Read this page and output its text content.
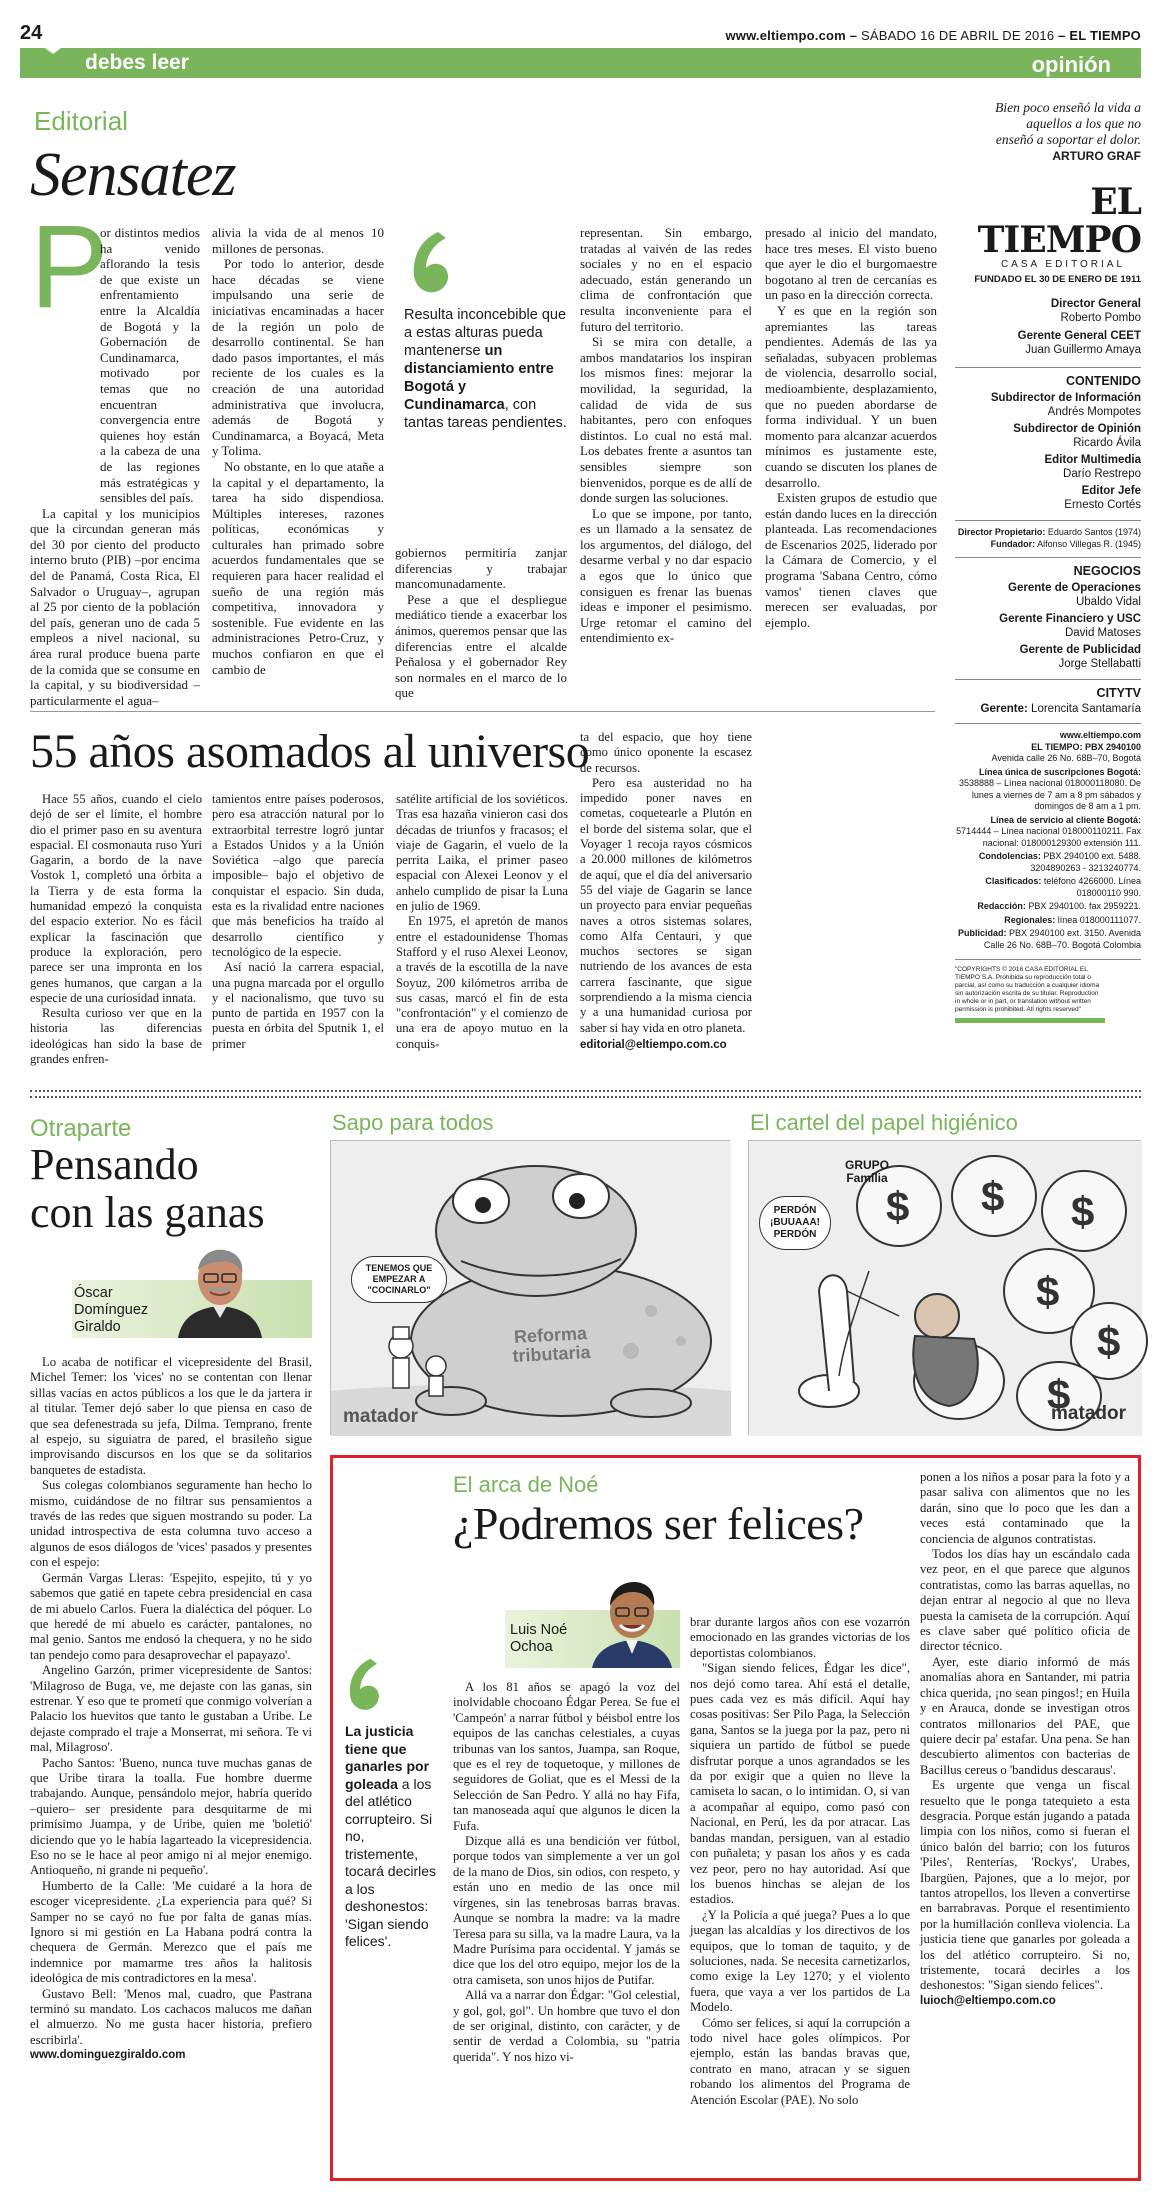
24	www.eltiempo.com – SÁBADO 16 DE ABRIL DE 2016 – EL TIEMPO
debes leer	opinión
Editorial
Sensatez
P

or distintos medios ha venido aflorando la tesis de que existe un enfrentamiento entre la Alcaldía de Bogotá y la Gobernación de Cundinamarca, motivado por temas que no encuentran convergencia entre quienes hoy están a la cabeza de una de las regiones más estratégicas y sensibles del país.

La capital y los municipios que la circundan generan más del 30 por ciento del producto interno bruto (PIB) –por encima del de Panamá, Costa Rica, El Salvador o Uruguay–, agrupan al 25 por ciento de la población del país, generan uno de cada 5 empleos a nivel nacional, su área rural produce buena parte de la comida que se consume en la capital, y su biodiversidad –particularmente el agua–

alivia la vida de al menos 10 millones de personas.

Por todo lo anterior, desde hace décadas se viene impulsando una serie de iniciativas encaminadas a hacer de la región un polo de desarrollo continental. Se han dado pasos importantes, el más reciente de los cuales es la creación de una autoridad administrativa que involucra, además de Bogotá y Cundinamarca, a Boyacá, Meta y Tolima.

No obstante, en lo que atañe a la capital y el departamento, la tarea ha sido dispendiosa. Múltiples intereses, razones políticas, económicas y culturales han primado sobre acuerdos fundamentales que se requieren para hacer realidad el sueño de una región más competitiva, innovadora y sostenible. Fue evidente en las administraciones Petro-Cruz, y muchos confiaron en que el cambio de

Resulta inconcebible que a estas alturas pueda mantenerse un distanciamiento entre Bogotá y Cundinamarca, con tantas tareas pendientes.

gobiernos permitiría zanjar diferencias y trabajar mancomunadamente.

Pese a que el despliegue mediático tiende a exacerbar los ánimos, queremos pensar que las diferencias entre el alcalde Peñalosa y el gobernador Rey son normales en el marco de lo que

representan. Sin embargo, tratadas al vaivén de las redes sociales y no en el espacio adecuado, están generando un clima de confrontación que resulta inconveniente para el futuro del territorio.

Si se mira con detalle, a ambos mandatarios los inspiran los mismos fines: mejorar la movilidad, la seguridad, la calidad de vida de sus habitantes, pero con enfoques distintos. Lo cual no está mal. Los debates frente a asuntos tan sensibles siempre son bienvenidos, porque es de allí de donde surgen las soluciones.

Lo que se impone, por tanto, es un llamado a la sensatez de los argumentos, del diálogo, del desarme verbal y no dar espacio a egos que lo único que consiguen es frenar las buenas ideas e imponer el pesimismo. Urge retomar el camino del entendimiento ex-

presado al inicio del mandato, hace tres meses. El visto bueno que ayer le dio el burgomaestre bogotano al tren de cercanías es un paso en la dirección correcta.

Y es que en la región son apremiantes las tareas pendientes. Además de las ya señaladas, subyacen problemas de violencia, desarrollo social, medioambiente, desplazamiento, que no pueden abordarse de forma individual. Y un buen momento para alcanzar acuerdos mínimos es justamente este, cuando se discuten los planes de desarrollo.

Existen grupos de estudio que están dando luces en la dirección planteada. Las recomendaciones de Escenarios 2025, liderado por la Cámara de Comercio, y el programa 'Sabana Centro, cómo vamos' tienen claves que merecen ser evaluadas, por ejemplo.

Bien poco enseñó la vida a aquellos a los que no enseñó a soportar el dolor.
ARTURO GRAF
EL TIEMPO
CASA EDITORIAL
FUNDADO EL 30 DE ENERO DE 1911
Director General
Roberto Pombo
Gerente General CEET
Juan Guillermo Amaya
CONTENIDO
Subdirector de Información
Andrés Mompotes
Subdirector de Opinión
Ricardo Ávila
Editor Multimedia
Darío Restrepo
Editor Jefe
Ernesto Cortés
Director Propietario: Eduardo Santos (1974)
Fundador: Alfonso Villegas R. (1945)
NEGOCIOS
Gerente de Operaciones
Ubaldo Vidal
Gerente Financiero y USC
David Matoses
Gerente de Publicidad
Jorge Stellabatti
CITYTV
Gerente: Lorencita Santamaría
www.eltiempo.com
EL TIEMPO: PBX 2940100
Avenida calle 26 No. 68B–70, Bogotá
Línea única de suscripciones Bogotá:
3538888 – Línea nacional 018000118080. De lunes a viernes de 7 am a 8 pm sábados y domingos de 8 am a 1 pm.
Línea de servicio al cliente Bogotá:
5714444 – Línea nacional 018000110211. Fax nacional: 018000129300 extensión 111.
Condolencias: PBX 2940100 ext. 5488. 3204890263 - 3213240774.
Clasificados: teléfono 4266000. Línea 018000110 990.
Redacción: PBX 2940100. fax 2959221.
Regionales: línea 018000111077.
Publicidad: PBX 2940100 ext. 3150. Avenida Calle 26 No. 68B–70. Bogotá Colombia
"COPYRIGHTS © 2016 CASA EDITORIAL EL TIEMPO S.A. Prohibida su reproducción total o parcial, así como su traducción a cualquier idioma sin autorización escrita de su titular. Reproduction in whole or in part, or translation without written permission is prohibited. All rights reserved"
55 años asomados al universo

Hace 55 años, cuando el cielo dejó de ser el límite, el hombre dio el primer paso en su aventura espacial. El cosmonauta ruso Yuri Gagarin, a bordo de la nave Vostok 1, completó una órbita a la Tierra y de esta forma la humanidad empezó la conquista del espacio exterior. No es fácil explicar la fascinación que produce la exploración, pero parece ser una impronta en los genes humanos, que cargan a la especie de una curiosidad innata.

Resulta curioso ver que en la historia las diferencias ideológicas han sido la base de grandes enfren-

tamientos entre países poderosos, pero esa atracción natural por lo extraorbital terrestre logró juntar a Estados Unidos y a la Unión Soviética –algo que parecía imposible– bajo el objetivo de conquistar el espacio. Sin duda, esta es la rivalidad entre naciones que más beneficios ha traído al desarrollo científico y tecnológico de la especie.

Así nació la carrera espacial, una pugna marcada por el orgullo y el nacionalismo, que tuvo su punto de partida en 1957 con la puesta en órbita del Sputnik 1, el primer

satélite artificial de los soviéticos. Tras esa hazaña vinieron casi dos décadas de triunfos y fracasos; el viaje de Gagarin, el vuelo de la perrita Laika, el primer paseo espacial con Alexei Leonov y el anhelo cumplido de pisar la Luna en julio de 1969.

En 1975, el apretón de manos entre el estadounidense Thomas Stafford y el ruso Alexei Leonov, a través de la escotilla de la nave Soyuz, 200 kilómetros arriba de sus casas, marcó el fin de esta "confrontación" y el comienzo de una era de apoyo mutuo en la conquis-

ta del espacio, que hoy tiene como único oponente la escasez de recursos.

Pero esa austeridad no ha impedido poner naves en cometas, coquetearle a Plutón en el borde del sistema solar, que el Voyager 1 recoja rayos cósmicos a 20.000 millones de kilómetros de aquí, que el día del aniversario 55 del viaje de Gagarin se lance un proyecto para enviar pequeñas naves a otros sistemas solares, como Alfa Centauri, y que muchos sectores se sigan nutriendo de los avances de esta carrera fascinante, que sigue sorprendiendo a la misma ciencia y a una humanidad curiosa por saber si hay vida en otro planeta.

editorial@eltiempo.com.co

Otraparte
Pensando
con las ganas
Óscar
Domínguez
Giraldo

Lo acaba de notificar el vicepresidente del Brasil, Michel Temer: los 'vices' no se contentan con llenar sillas vacías en actos públicos a los que le da jartera ir al titular. Temer dejó saber lo que piensa en caso de que sea defenestrada su jefa, Dilma. Temprano, frente al espejo, su siguiatra de pared, el brasileño sigue improvisando discursos en los que se da solitarios banquetes de estadista.

Sus colegas colombianos seguramente han hecho lo mismo, cuidándose de no filtrar sus pensamientos a través de las redes que siguen mostrando su poder. La unidad introspectiva de esta columna tuvo acceso a algunos de esos diálogos de 'vices' pasados y presentes con el espejo:

Germán Vargas Lleras: 'Espejito, espejito, tú y yo sabemos que gatié en tapete cebra presidencial en casa de mi abuelo Carlos. Fuera la dialéctica del póquer. Lo que heredé de mi abuelo es carácter, pantalones, no mal genio. Santos me endosó la chequera, y no he sido tan pendejo como para desaprovechar el papayazo'.

Angelino Garzón, primer vicepresidente de Santos: 'Milagroso de Buga, ve, me dejaste con las ganas, sin estrenar. Y eso que te prometí que conmigo volverían a Palacio los huevitos que tanto le gustaban a Uribe. Le dejaste comprado el traje a Monserrat, mi señora. Te vi mal, Milagroso'.

Pacho Santos: 'Bueno, nunca tuve muchas ganas de que Uribe tirara la toalla. Fue hombre duerme trabajando. Aunque, pensándolo mejor, habría querido –quiero– ser presidente para desquitarme de mi primísimo Juampa, y de Uribe, quien me 'boletió' diciendo que yo le había lagarteado la vicepresidencia. Eso no se le hace al peor amigo ni al mejor enemigo. Antioqueño, ni grande ni pequeño'.

Humberto de la Calle: 'Me cuidaré a la hora de escoger vicepresidente. ¿La experiencia para qué? Si Samper no se cayó no fue por falta de ganas mías. Ignoro si mi gestión en La Habana podrá contra la chequera de Germán. Merezco que el país me indemnice por mamarme tres años la halitosis ideológica de mis contradictores en la mesa'.

Gustavo Bell: 'Menos mal, cuadro, que Pastrana terminó su mandato. Los cachacos malucos me dañan el almuerzo. No me gusta hacer historia, prefiero escribirla'.

www.dominguezgiraldo.com

Sapo para todos
TENEMOS QUE EMPEZAR A "COCINARLO"
Reforma tributaria
matador
El cartel del papel higiénico
$ $ $
$
$
$
GRUPO Familia
PERDÓN ¡BUUAAA! PERDÓN
matador
El arca de Noé
¿Podremos ser felices?
Luis Noé
Ochoa
La justicia tiene que ganarles por goleada a los del atlético corrupteiro. Si no, tristemente, tocará decirles a los deshonestos: 'Sigan siendo felices'.

A los 81 años se apagó la voz del inolvidable chocoano Édgar Perea. Se fue el 'Campeón' a narrar fútbol y béisbol entre los equipos de las canchas celestiales, a cuyas tribunas van los santos, Juampa, san Roque, que es el rey de toquetoque, y millones de seguidores de Goliat, que es el Messi de la Selección de San Pedro. Y allá no hay Fifa, tan manoseada aquí que algunos le dicen la Fufa.

Dizque allá es una bendición ver fútbol, porque todos van simplemente a ver un gol de la mano de Dios, sin odios, con respeto, y están uno en medio de las once mil vírgenes, sin las tenebrosas barras bravas. Aunque se nombra la madre: va la madre Teresa para su silla, va la madre Laura, va la Madre Purísima para occidental. Y jamás se dice que los del otro equipo, mejor los de la otra camiseta, son unos hijos de Putifar.

Allá va a narrar don Édgar: "Gol celestial, y gol, gol, gol". Un hombre que tuvo el don de ser original, distinto, con carácter, y de sentir de verdad a Colombia, su "patria querida". Y nos hizo vi-

brar durante largos años con ese vozarrón emocionado en las grandes victorias de los deportistas colombianos.

"Sigan siendo felices, Édgar les dice", nos dejó como tarea. Ahí está el detalle, pues cada vez es más difícil. Aquí hay cosas positivas: Ser Pilo Paga, la Selección gana, Santos se la juega por la paz, pero ni siquiera un partido de fútbol se puede disfrutar porque a unos agrandados se les da por exigir que a quien no lleve la camiseta lo sacan, o lo intimidan. O, si van a acompañar al equipo, como pasó con Nacional, en Perú, les da por atracar. Las bandas mandan, persiguen, van al estadio con puñaleta; y pasan los años y es cada vez peor, pero no hay autoridad. Así que los buenos hinchas se alejan de los estadios.

¿Y la Policía a qué juega? Pues a lo que juegan las alcaldías y los directivos de los equipos, que lo toman de taquito, y de soluciones, nada. Se necesita carnetizarlos, como exige la Ley 1270; y el violento fuera, que vaya a ver los partidos de La Modelo.

Cómo ser felices, si aquí la corrupción a todo nivel hace goles olímpicos. Por ejemplo, están las bandas bravas que, contrato en mano, atracan y se siguen robando los alimentos del Programa de Atención Escolar (PAE). No solo

ponen a los niños a posar para la foto y a pasar saliva con alimentos que no les darán, sino que lo poco que les dan a veces está contaminado que la conciencia de algunos contratistas.

Todos los días hay un escándalo cada vez peor, en el que parece que algunos contratistas, como las barras aquellas, no dejan entrar al negocio al que no lleva puesta la camiseta de la corrupción. Aquí es clave saber qué político oficia de director técnico.

Ayer, este diario informó de más anomalías ahora en Santander, mi patria chica querida, ¡no sean pingos!; en Huila y en Arauca, donde se investigan otros contratos millonarios del PAE, que quiere decir pa' estafar. Una pena. Se han descubierto alimentos con bacterias de Bacillus cereus o 'bandidus descaraus'.

Es urgente que venga un fiscal resuelto que le ponga tatequieto a esta desgracia. Porque están jugando a patada limpia con los niños, como si fueran el único balón del barrio; con los futuros 'Piles', Renterías, 'Rockys', Urabes, Ibargüen, Pajones, que a lo mejor, por tantos atropellos, los lleven a convertirse en barrabravas. Porque el resentimiento por la humillación conlleva violencia. La justicia tiene que ganarles por goleada a los del atlético corrupteiro. Si no, tristemente, tocará decirles a los deshonestos: "Sigan siendo felices".

luioch@eltiempo.com.co
